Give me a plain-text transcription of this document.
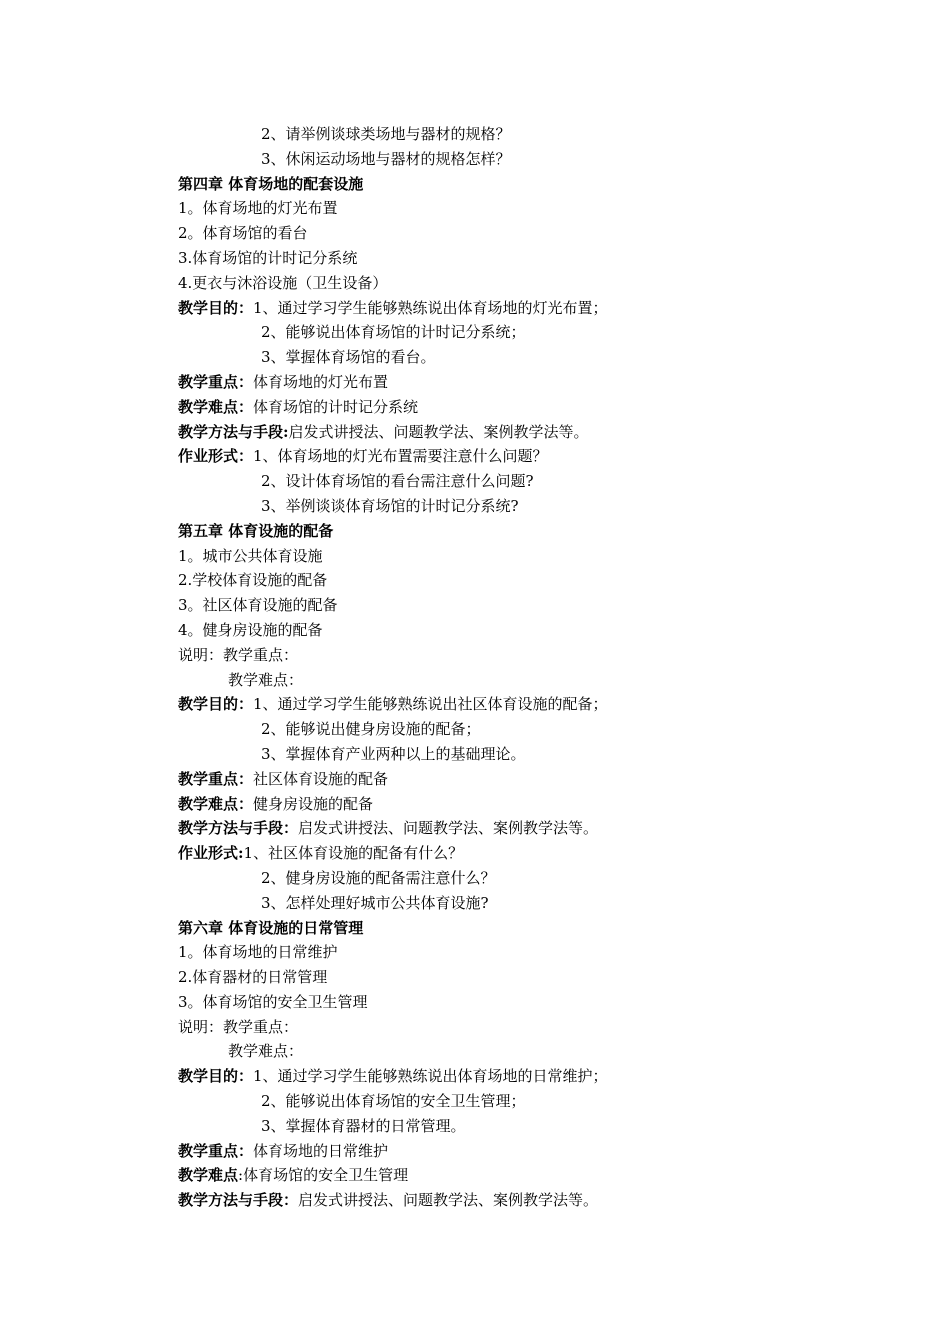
2、请举例谈球类场地与器材的规格？
3、休闲运动场地与器材的规格怎样？
第四章 体育场地的配套设施
1。体育场地的灯光布置
2。体育场馆的看台
3.体育场馆的计时记分系统
4.更衣与沐浴设施（卫生设备）
教学目的：1、通过学习学生能够熟练说出体育场地的灯光布置；
2、能够说出体育场馆的计时记分系统；
3、掌握体育场馆的看台。
教学重点：体育场地的灯光布置
教学难点：体育场馆的计时记分系统
教学方法与手段:启发式讲授法、问题教学法、案例教学法等。
作业形式：1、体育场地的灯光布置需要注意什么问题？
2、设计体育场馆的看台需注意什么问题?
3、举例谈谈体育场馆的计时记分系统?
第五章 体育设施的配备
1。城市公共体育设施
2.学校体育设施的配备
3。社区体育设施的配备
4。健身房设施的配备
说明：教学重点：
教学难点：
教学目的：1、通过学习学生能够熟练说出社区体育设施的配备；
2、能够说出健身房设施的配备；
3、掌握体育产业两种以上的基础理论。
教学重点：社区体育设施的配备
教学难点：健身房设施的配备
教学方法与手段：启发式讲授法、问题教学法、案例教学法等。
作业形式:1、社区体育设施的配备有什么？
2、健身房设施的配备需注意什么？
3、怎样处理好城市公共体育设施?
第六章 体育设施的日常管理
1。体育场地的日常维护
2.体育器材的日常管理
3。体育场馆的安全卫生管理
说明：教学重点：
教学难点：
教学目的：1、通过学习学生能够熟练说出体育场地的日常维护；
2、能够说出体育场馆的安全卫生管理；
3、掌握体育器材的日常管理。
教学重点：体育场地的日常维护
教学难点:体育场馆的安全卫生管理
教学方法与手段：启发式讲授法、问题教学法、案例教学法等。
